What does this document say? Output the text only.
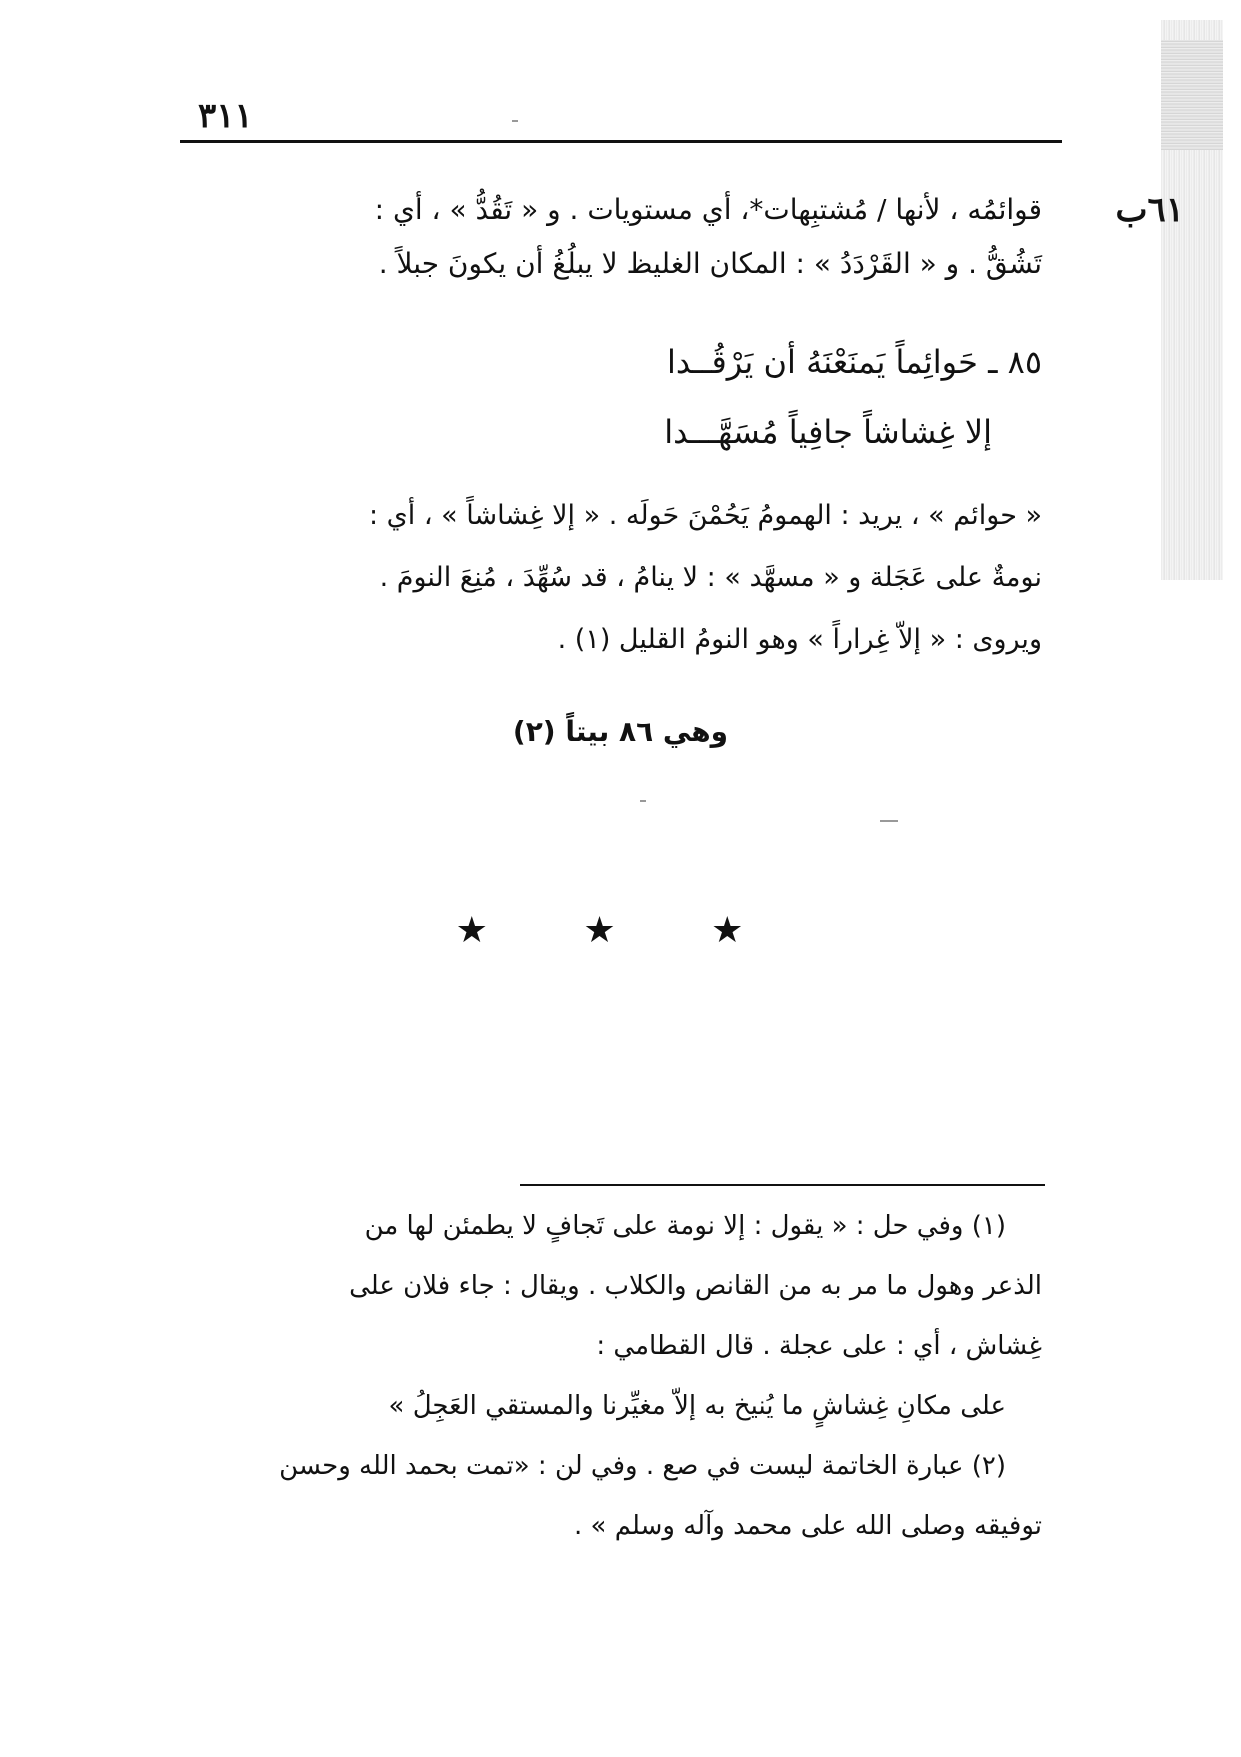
٣١١
٦١ب
قوائمُه ، لأنها / مُشتبِهات*، أي مستويات . و « تَقُدُّ » ، أي :
تَشُقُّ . و « القَرْدَدُ » : المكان الغليظ لا يبلُغُ أن يكونَ جبلاً .
٨٥ ـ حَوائِماً يَمنَعْنَهُ أن يَرْقُــدا
إلا غِشاشاً جافِياً مُسَهَّـــدا
« حوائم » ، يريد : الهمومُ يَحُمْنَ حَولَه . « إلا غِشاشاً » ، أي :
نومةٌ على عَجَلة و « مسهَّد » : لا ينامُ ، قد سُهِّدَ ، مُنِعَ النومَ .
ويروى : « إلاّ غِراراً » وهو النومُ القليل (١) .
وهي ٨٦ بيتاً (٢)
★ ★ ★
(١) وفي حل : « يقول : إلا نومة على تَجافٍ لا يطمئن لها من
الذعر وهول ما مر به من القانص والكلاب . ويقال : جاء فلان على
غِشاش ، أي : على عجلة . قال القطامي :
على مكانِ غِشاشٍ ما يُنيخ به إلاّ مغيِّرنا والمستقي العَجِلُ »
(٢) عبارة الخاتمة ليست في صع . وفي لن : «تمت بحمد الله وحسن
توفيقه وصلى الله على محمد وآله وسلم » .
